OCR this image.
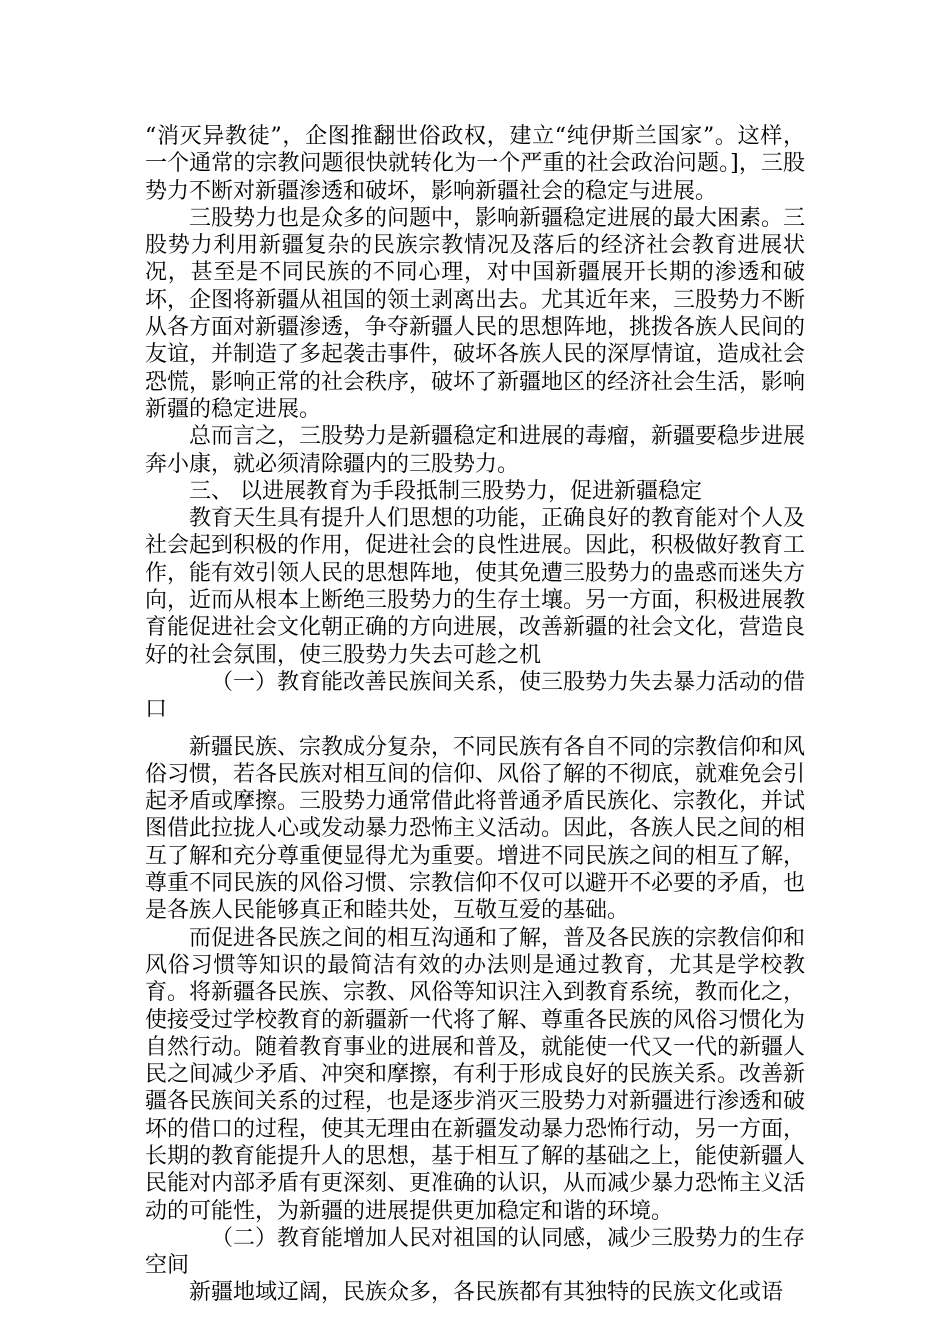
“消灭异教徒”，企图推翻世俗政权，建立“纯伊斯兰国家”。这样，一个通常的宗教问题很快就转化为一个严重的社会政治问题。]，三股势力不断对新疆渗透和破坏，影响新疆社会的稳定与进展。

三股势力也是众多的问题中，影响新疆稳定进展的最大困素。三股势力利用新疆复杂的民族宗教情况及落后的经济社会教育进展状况，甚至是不同民族的不同心理，对中国新疆展开长期的渗透和破坏，企图将新疆从祖国的领土剥离出去。尤其近年来，三股势力不断从各方面对新疆渗透，争夺新疆人民的思想阵地，挑拨各族人民间的友谊，并制造了多起袭击事件，破坏各族人民的深厚情谊，造成社会恐慌，影响正常的社会秩序，破坏了新疆地区的经济社会生活，影响新疆的稳定进展。

总而言之，三股势力是新疆稳定和进展的毒瘤，新疆要稳步进展奔小康，就必须清除疆内的三股势力。

三、 以进展教育为手段抵制三股势力，促进新疆稳定

教育天生具有提升人们思想的功能，正确良好的教育能对个人及社会起到积极的作用，促进社会的良性进展。因此，积极做好教育工作，能有效引领人民的思想阵地，使其免遭三股势力的蛊惑而迷失方向，近而从根本上断绝三股势力的生存土壤。另一方面，积极进展教育能促进社会文化朝正确的方向进展，改善新疆的社会文化，营造良好的社会氛围，使三股势力失去可趁之机

（一）教育能改善民族间关系，使三股势力失去暴力活动的借口

新疆民族、宗教成分复杂，不同民族有各自不同的宗教信仰和风俗习惯，若各民族对相互间的信仰、风俗了解的不彻底，就难免会引起矛盾或摩擦。三股势力通常借此将普通矛盾民族化、宗教化，并试图借此拉拢人心或发动暴力恐怖主义活动。因此，各族人民之间的相互了解和充分尊重便显得尤为重要。增进不同民族之间的相互了解，尊重不同民族的风俗习惯、宗教信仰不仅可以避开不必要的矛盾，也是各族人民能够真正和睦共处，互敬互爱的基础。

而促进各民族之间的相互沟通和了解，普及各民族的宗教信仰和风俗习惯等知识的最简洁有效的办法则是通过教育，尤其是学校教育。将新疆各民族、宗教、风俗等知识注入到教育系统，教而化之，使接受过学校教育的新疆新一代将了解、尊重各民族的风俗习惯化为自然行动。随着教育事业的进展和普及，就能使一代又一代的新疆人民之间减少矛盾、冲突和摩擦，有利于形成良好的民族关系。改善新疆各民族间关系的过程，也是逐步消灭三股势力对新疆进行渗透和破坏的借口的过程，使其无理由在新疆发动暴力恐怖行动，另一方面，长期的教育能提升人的思想，基于相互了解的基础之上，能使新疆人民能对内部矛盾有更深刻、更准确的认识，从而减少暴力恐怖主义活动的可能性，为新疆的进展提供更加稳定和谐的环境。

（二）教育能增加人民对祖国的认同感，减少三股势力的生存空间

新疆地域辽阔，民族众多，各民族都有其独特的民族文化或语
